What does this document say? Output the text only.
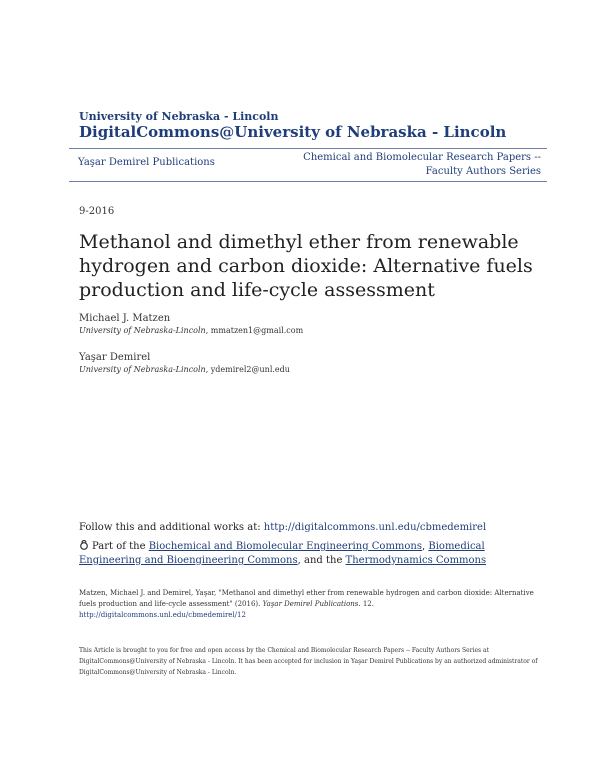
University of Nebraska - Lincoln
DigitalCommons@University of Nebraska - Lincoln
Yaşar Demirel Publications	Chemical and Biomolecular Research Papers --
Faculty Authors Series
9-2016
Methanol and dimethyl ether from renewable hydrogen and carbon dioxide: Alternative fuels production and life-cycle assessment
Michael J. Matzen
University of Nebraska-Lincoln, mmatzen1@gmail.com
Yaşar Demirel
University of Nebraska-Lincoln, ydemirel2@unl.edu
Follow this and additional works at: http://digitalcommons.unl.edu/cbmedemirel
Part of the Biochemical and Biomolecular Engineering Commons, Biomedical Engineering and Bioengineering Commons, and the Thermodynamics Commons
Matzen, Michael J. and Demirel, Yaşar, "Methanol and dimethyl ether from renewable hydrogen and carbon dioxide: Alternative fuels production and life-cycle assessment" (2016). Yaşar Demirel Publications. 12.
http://digitalcommons.unl.edu/cbmedemirel/12
This Article is brought to you for free and open access by the Chemical and Biomolecular Research Papers -- Faculty Authors Series at DigitalCommons@University of Nebraska - Lincoln. It has been accepted for inclusion in Yaşar Demirel Publications by an authorized administrator of DigitalCommons@University of Nebraska - Lincoln.
